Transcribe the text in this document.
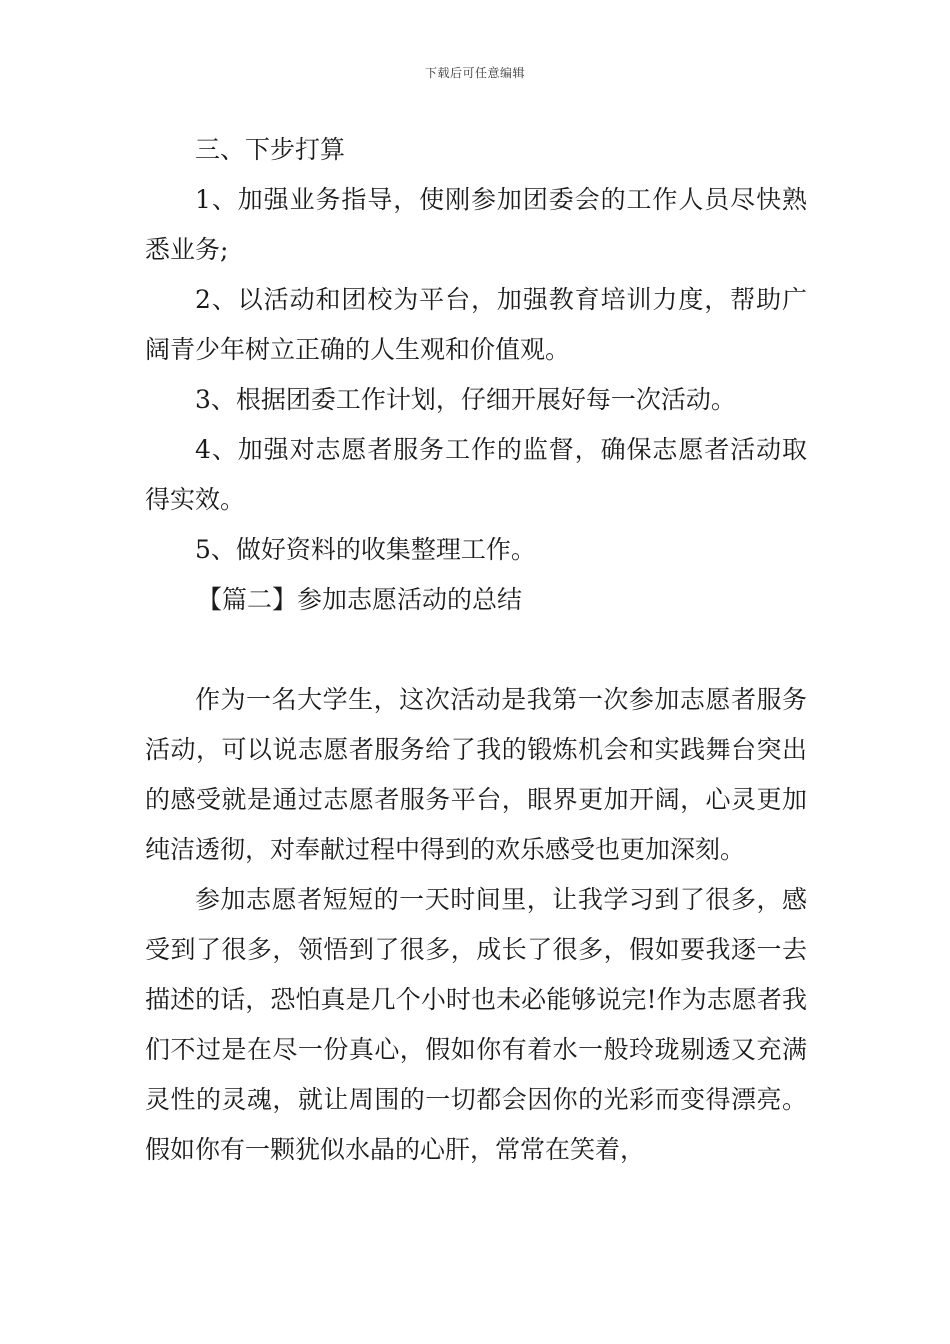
下载后可任意编辑

三、下步打算

1、加强业务指导，使刚参加团委会的工作人员尽快熟悉业务;

2、以活动和团校为平台，加强教育培训力度，帮助广阔青少年树立正确的人生观和价值观。

3、根据团委工作计划，仔细开展好每一次活动。

4、加强对志愿者服务工作的监督，确保志愿者活动取得实效。

5、做好资料的收集整理工作。

【篇二】参加志愿活动的总结

作为一名大学生，这次活动是我第一次参加志愿者服务活动，可以说志愿者服务给了我的锻炼机会和实践舞台突出的感受就是通过志愿者服务平台，眼界更加开阔，心灵更加纯洁透彻，对奉献过程中得到的欢乐感受也更加深刻。

参加志愿者短短的一天时间里，让我学习到了很多，感受到了很多，领悟到了很多，成长了很多，假如要我逐一去描述的话，恐怕真是几个小时也未必能够说完!作为志愿者我们不过是在尽一份真心，假如你有着水一般玲珑剔透又充满灵性的灵魂，就让周围的一切都会因你的光彩而变得漂亮。假如你有一颗犹似水晶的心肝，常常在笑着，
